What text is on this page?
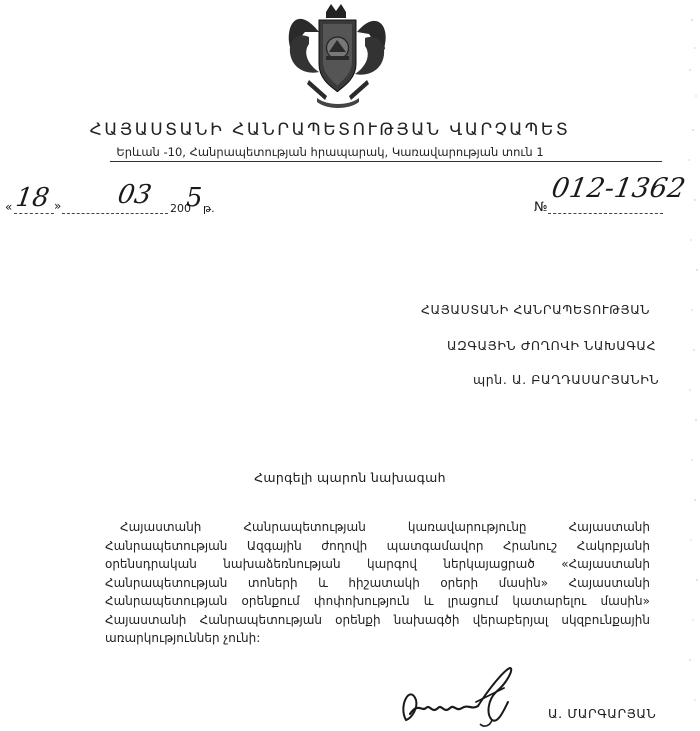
ՀԱՅԱՍՏԱՆԻ ՀԱՆՐԱՊԵՏՈՒԹՅԱՆ ՎԱՐՉԱՊԵՏ
Երևան -10, Հանրապետության հրապարակ, Կառավարության տուն 1
« 18 » 03 200
5 թ.	№
012-1362
ՀԱՅԱՍՏԱՆԻ ՀԱՆՐԱՊԵՏՈՒԹՅԱՆ
ԱԶԳԱՅԻՆ ԺՈՂՈՎԻ ՆԱԽԱԳԱՀ
պրն. Ա. ԲԱՂԴԱՍԱՐՅԱՆԻՆ
Հարգելի պարոն նախագահ

Հայաստանի Հանրապետության կառավարությունը Հայաստանի Հանրապետության Ազգային ժողովի պատգամավոր Հրանուշ Հակոբյանի օրենսդրական նախաձեռնության կարգով ներկայացրած «Հայաստանի Հանրապետության տոների և հիշատակի օրերի մասին» Հայաստանի Հանրապետության օրենքում փոփոխություն և լրացում կատարելու մասին» Հայաստանի Հանրապետության օրենքի նախագծի վերաբերյալ սկզբունքային առարկություններ չունի:

Ա. ՄԱՐԳԱՐՅԱՆ
